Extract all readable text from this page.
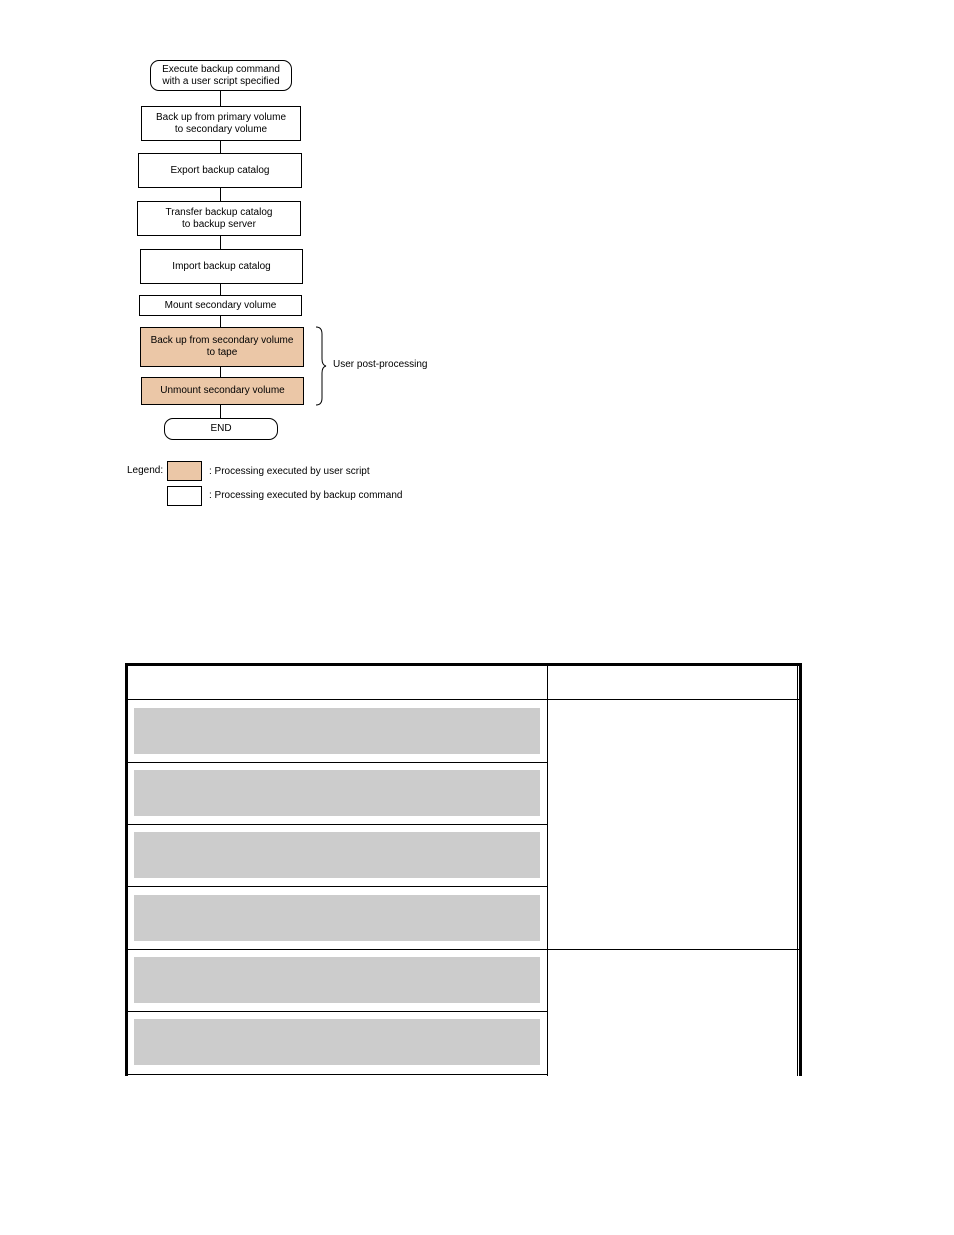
Execute backup command
with a user script specified
Back up from primary volume
to secondary volume
Export backup catalog
Transfer backup catalog
to backup server
Import backup catalog
Mount secondary volume
Back up from secondary volume
to tape
Unmount secondary volume
END
User post-processing
Legend:	: Processing executed by user script
: Processing executed by backup command
